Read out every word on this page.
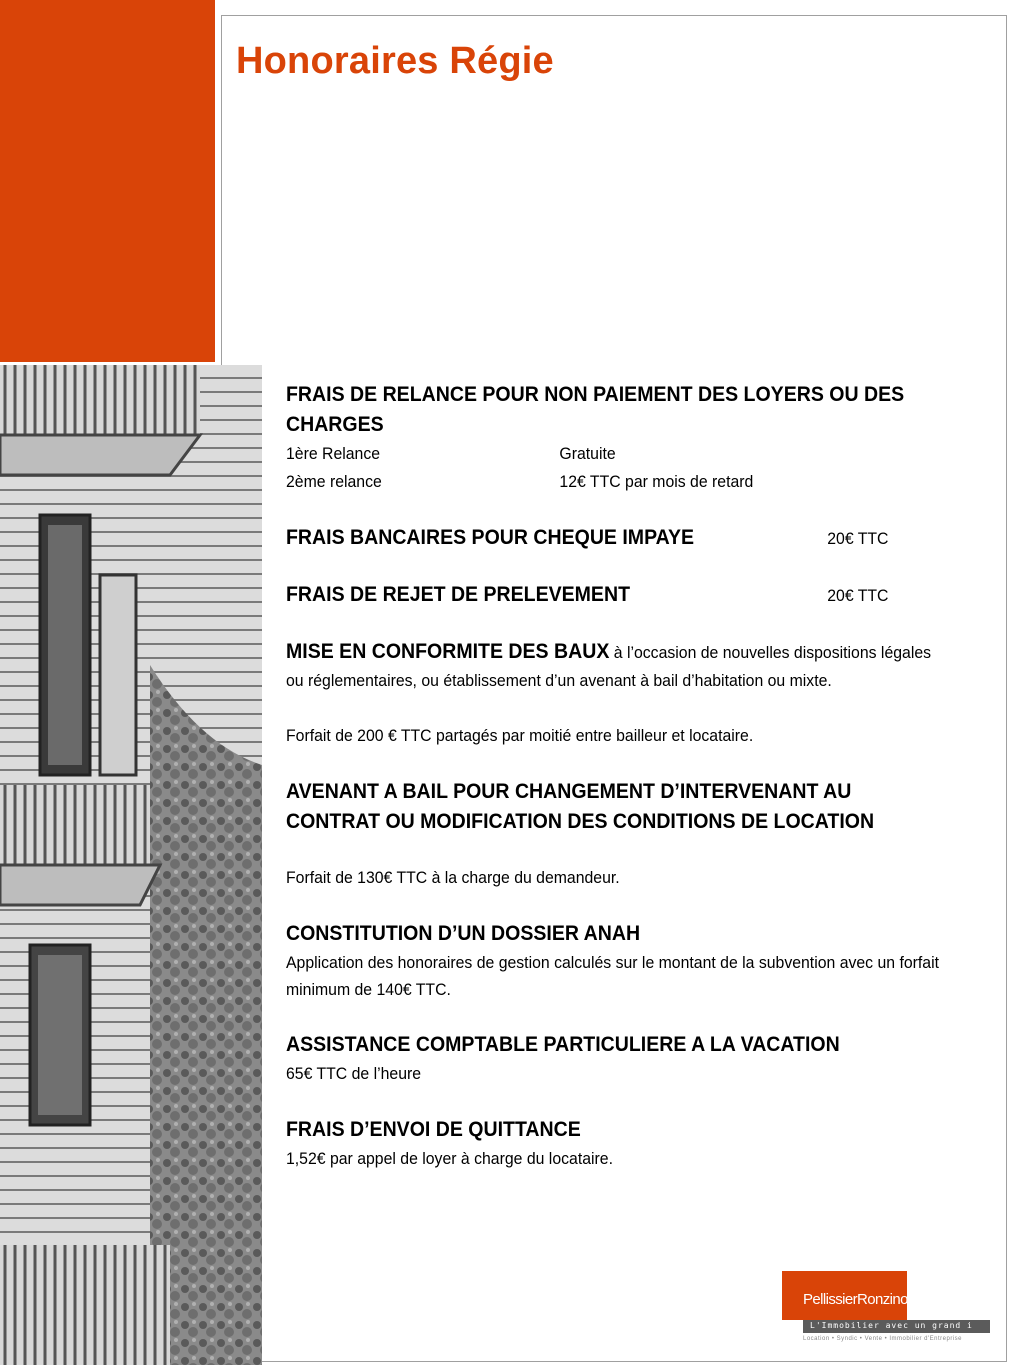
Honoraires Régie
FRAIS DE RELANCE POUR NON PAIEMENT DES LOYERS OU DES CHARGES
1ère Relance	Gratuite
2ème relance	12€ TTC par mois de retard
FRAIS BANCAIRES POUR CHEQUE IMPAYE	20€ TTC
FRAIS DE REJET DE PRELEVEMENT	20€ TTC
MISE EN CONFORMITE DES BAUX à l’occasion de nouvelles dispositions légales ou réglementaires, ou établissement d’un avenant à bail d’habitation ou mixte.
Forfait de 200 € TTC partagés par moitié entre bailleur et locataire.
AVENANT A BAIL POUR CHANGEMENT D’INTERVENANT AU CONTRAT OU MODIFICATION DES CONDITIONS DE LOCATION
Forfait de 130€ TTC à la charge du demandeur.
CONSTITUTION D’UN DOSSIER ANAH
Application des honoraires de gestion calculés sur le montant de la subvention avec un forfait minimum de 140€ TTC.
ASSISTANCE COMPTABLE PARTICULIERE A LA VACATION
65€ TTC de l’heure
FRAIS D’ENVOI DE QUITTANCE
1,52€ par appel de loyer à charge du locataire.
PellissierRonzino
L'Immobilier avec un grand i
Location • Syndic • Vente • Immobilier d'Entreprise
